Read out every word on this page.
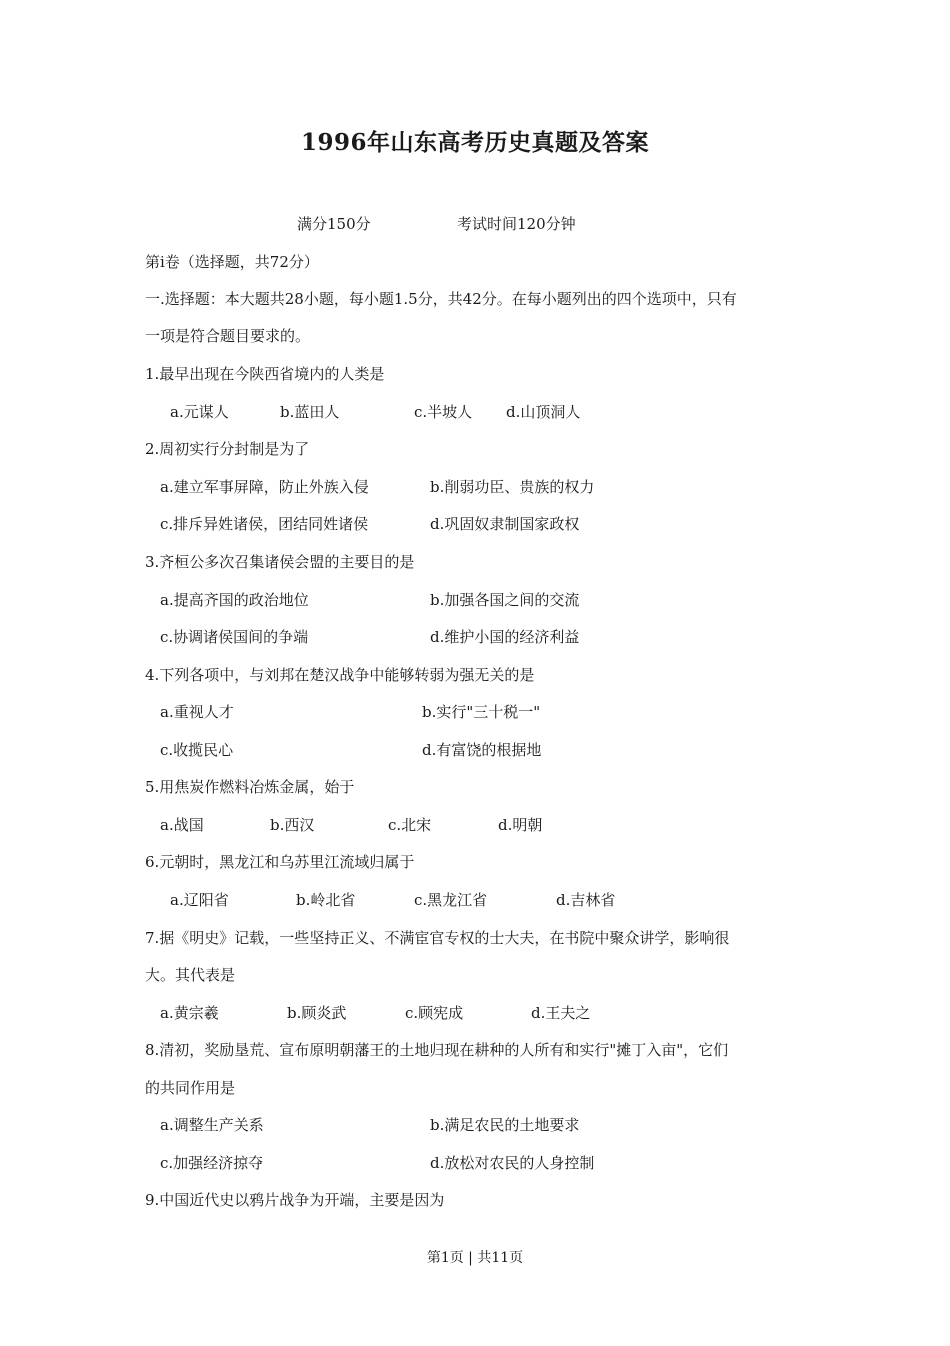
1996年山东高考历史真题及答案
满分150分	考试时间120分钟
第ⅰ卷（选择题，共72分）
一.选择题：本大题共28小题，每小题1.5分，共42分。在每小题列出的四个选项中，只有
一项是符合题目要求的。
1.最早出现在今陕西省境内的人类是
a.元谋人	b.蓝田人	c.半坡人 d.山顶洞人
2.周初实行分封制是为了
a.建立军事屏障，防止外族入侵	b.削弱功臣、贵族的权力
c.排斥异姓诸侯，团结同姓诸侯	d.巩固奴隶制国家政权
3.齐桓公多次召集诸侯会盟的主要目的是
a.提高齐国的政治地位	b.加强各国之间的交流
c.协调诸侯国间的争端	d.维护小国的经济利益
4.下列各项中，与刘邦在楚汉战争中能够转弱为强无关的是
a.重视人才	b.实行"三十税一"
c.收揽民心	d.有富饶的根据地
5.用焦炭作燃料冶炼金属，始于
a.战国	b.西汉	c.北宋	d.明朝
6.元朝时，黑龙江和乌苏里江流域归属于
a.辽阳省	b.岭北省	c.黑龙江省	d.吉林省
7.据《明史》记载，一些坚持正义、不满宦官专权的士大夫，在书院中聚众讲学，影响很
大。其代表是
a.黄宗羲	b.顾炎武	c.顾宪成	d.王夫之
8.清初，奖励垦荒、宣布原明朝藩王的土地归现在耕种的人所有和实行"摊丁入亩"，它们
的共同作用是
a.调整生产关系	b.满足农民的土地要求
c.加强经济掠夺	d.放松对农民的人身控制
9.中国近代史以鸦片战争为开端，主要是因为
第1页 | 共11页
